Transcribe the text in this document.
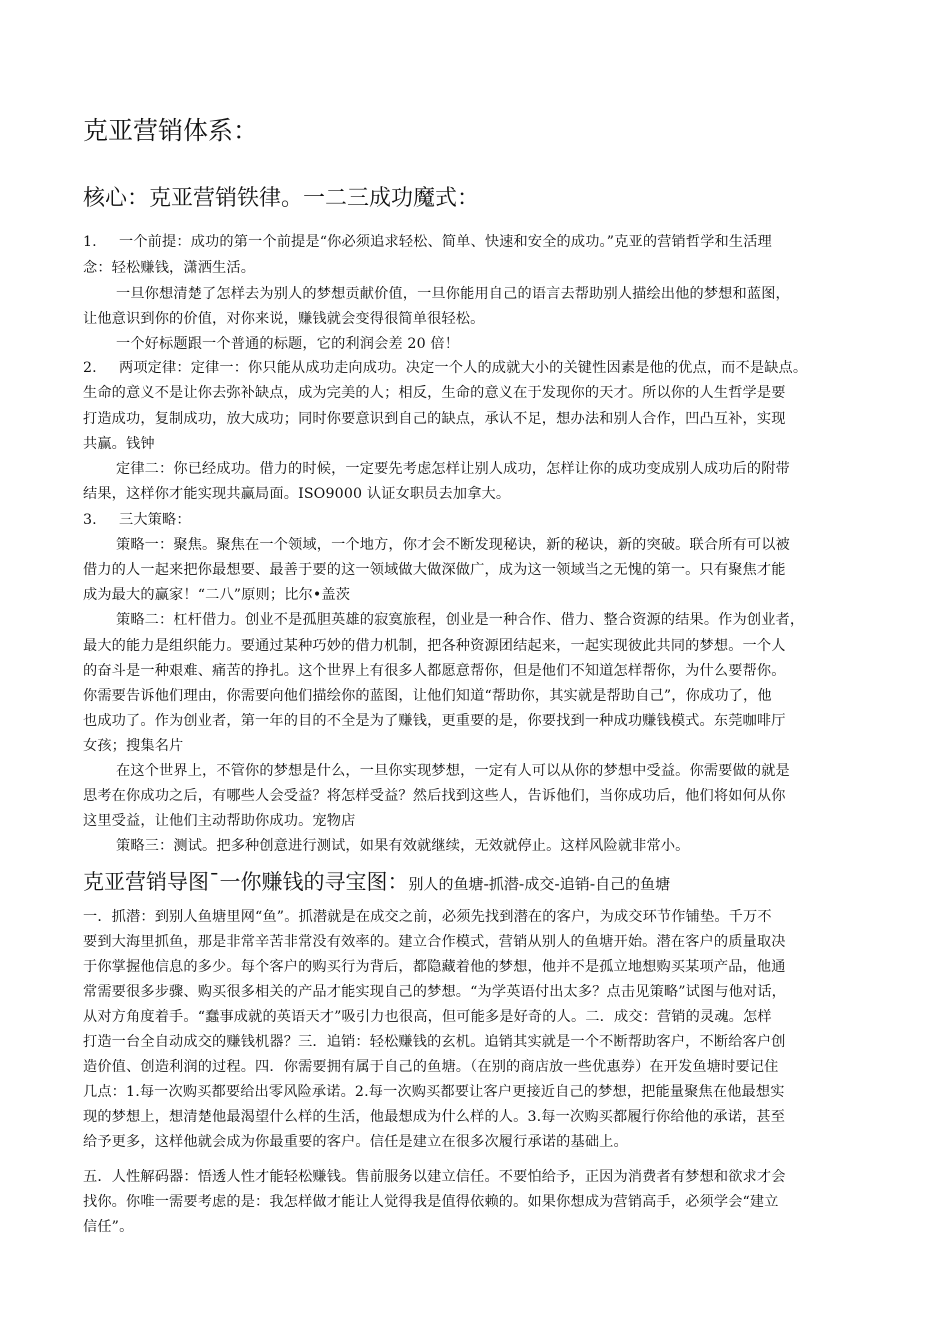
克亚营销体系：
核心：克亚营销铁律。一二三成功魔式：
1. 一个前提：成功的第一个前提是“你必须追求轻松、简单、快速和安全的成功。”克亚的营销哲学和生活理
念：轻松赚钱，潇洒生活。
一旦你想清楚了怎样去为别人的梦想贡献价值，一旦你能用自己的语言去帮助别人描绘出他的梦想和蓝图，
让他意识到你的价值，对你来说，赚钱就会变得很简单很轻松。
一个好标题跟一个普通的标题，它的利润会差 20 倍！
2. 两项定律：定律一：你只能从成功走向成功。决定一个人的成就大小的关键性因素是他的优点，而不是缺点。
生命的意义不是让你去弥补缺点，成为完美的人；相反，生命的意义在于发现你的天才。所以你的人生哲学是要
打造成功，复制成功，放大成功；同时你要意识到自己的缺点，承认不足，想办法和别人合作，凹凸互补，实现
共赢。钱钟
定律二：你已经成功。借力的时候，一定要先考虑怎样让别人成功，怎样让你的成功变成别人成功后的附带
结果，这样你才能实现共赢局面。ISO9000 认证女职员去加拿大。
3. 三大策略：
策略一：聚焦。聚焦在一个领域，一个地方，你才会不断发现秘诀，新的秘诀，新的突破。联合所有可以被
借力的人一起来把你最想要、最善于要的这一领域做大做深做广，成为这一领域当之无愧的第一。只有聚焦才能
成为最大的赢家！“二八”原则；比尔•盖茨
策略二：杠杆借力。创业不是孤胆英雄的寂寞旅程，创业是一种合作、借力、整合资源的结果。作为创业者，
最大的能力是组织能力。要通过某种巧妙的借力机制，把各种资源团结起来，一起实现彼此共同的梦想。一个人
的奋斗是一种艰难、痛苦的挣扎。这个世界上有很多人都愿意帮你，但是他们不知道怎样帮你，为什么要帮你。
你需要告诉他们理由，你需要向他们描绘你的蓝图，让他们知道“帮助你，其实就是帮助自己”，你成功了，他
也成功了。作为创业者，第一年的目的不全是为了赚钱，更重要的是，你要找到一种成功赚钱模式。东莞咖啡厅
女孩；搜集名片
在这个世界上，不管你的梦想是什么，一旦你实现梦想，一定有人可以从你的梦想中受益。你需要做的就是
思考在你成功之后，有哪些人会受益？将怎样受益？然后找到这些人，告诉他们，当你成功后，他们将如何从你
这里受益，让他们主动帮助你成功。宠物店
策略三：测试。把多种创意进行测试，如果有效就继续，无效就停止。这样风险就非常小。
克亚营销导图¯一你赚钱的寻宝图：别人的鱼塘-抓潜-成交-追销-自己的鱼塘
一．抓潜：到别人鱼塘里网“鱼”。抓潜就是在成交之前，必须先找到潜在的客户，为成交环节作铺垫。千万不
要到大海里抓鱼，那是非常辛苦非常没有效率的。建立合作模式，营销从别人的鱼塘开始。潜在客户的质量取决
于你掌握他信息的多少。每个客户的购买行为背后，都隐藏着他的梦想，他并不是孤立地想购买某项产品，他通
常需要很多步骤、购买很多相关的产品才能实现自己的梦想。“为学英语付出太多？点击见策略”试图与他对话，
从对方角度着手。“蠢事成就的英语天才”吸引力也很高，但可能多是好奇的人。二．成交：营销的灵魂。怎样
打造一台全自动成交的赚钱机器？三．追销：轻松赚钱的玄机。追销其实就是一个不断帮助客户，不断给客户创
造价值、创造利润的过程。四．你需要拥有属于自己的鱼塘。（在别的商店放一些优惠券）在开发鱼塘时要记住
几点：1.每一次购买都要给出零风险承诺。2.每一次购买都要让客户更接近自己的梦想，把能量聚焦在他最想实
现的梦想上，想清楚他最渴望什么样的生活，他最想成为什么样的人。3.每一次购买都履行你给他的承诺，甚至
给予更多，这样他就会成为你最重要的客户。信任是建立在很多次履行承诺的基础上。
五．人性解码器：悟透人性才能轻松赚钱。售前服务以建立信任。不要怕给予，正因为消费者有梦想和欲求才会
找你。你唯一需要考虑的是：我怎样做才能让人觉得我是值得依赖的。如果你想成为营销高手，必须学会“建立
信任”。
